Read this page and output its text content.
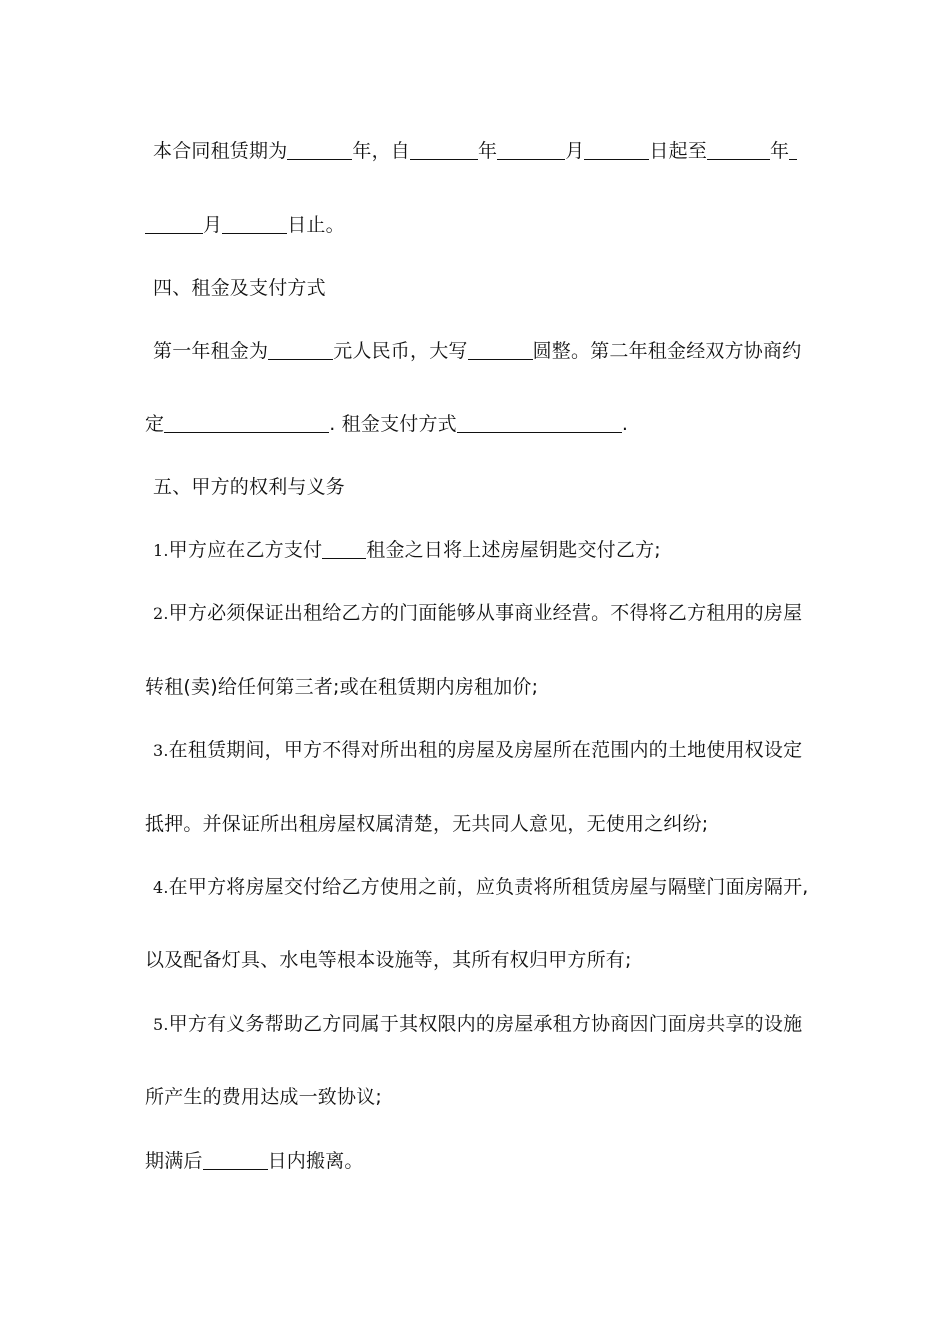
本合同租赁期为	年，自	年	月	日起至	年
月	日止。
四、租金及支付方式
第一年租金为	元人民币，大写	圆整。第二年租金经双方协商约
定	. 租金支付方式	.
五、甲方的权利与义务
1.甲方应在乙方支付 租金之日将上述房屋钥匙交付乙方;
2.甲方必须保证出租给乙方的门面能够从事商业经营。不得将乙方租用的房屋
转租(卖)给任何第三者;或在租赁期内房租加价;
3.在租赁期间，甲方不得对所出租的房屋及房屋所在范围内的土地使用权设定
抵押。并保证所出租房屋权属清楚，无共同人意见，无使用之纠纷;
4.在甲方将房屋交付给乙方使用之前，应负责将所租赁房屋与隔壁门面房隔开,
以及配备灯具、水电等根本设施等，其所有权归甲方所有;
5.甲方有义务帮助乙方同属于其权限内的房屋承租方协商因门面房共享的设施
所产生的费用达成一致协议;
期满后	日内搬离。
